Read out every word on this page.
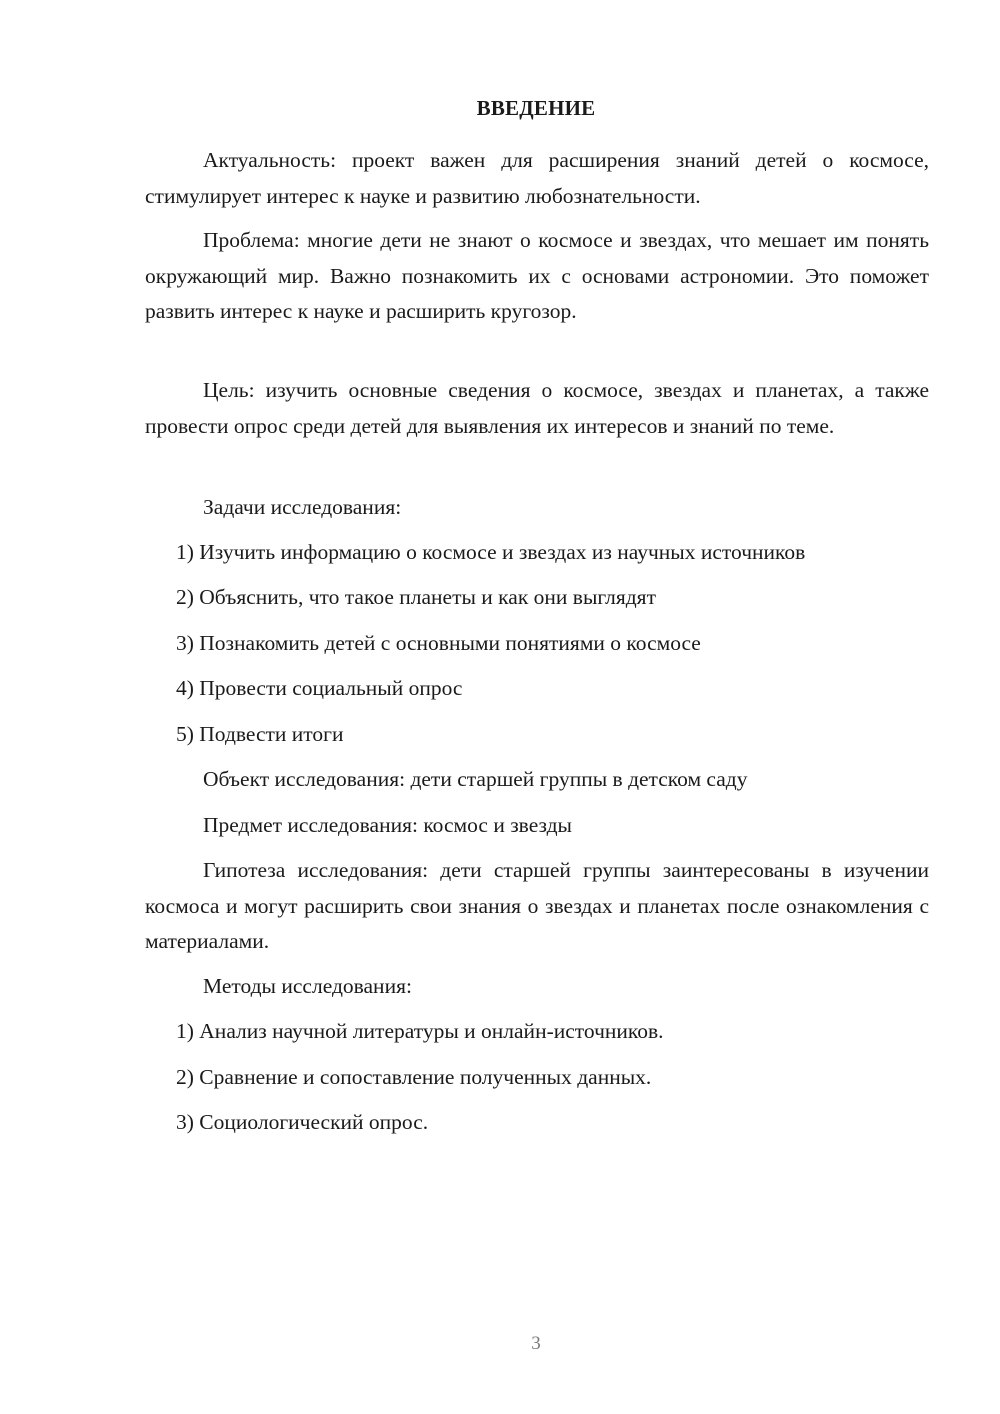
ВВЕДЕНИЕ

Актуальность: проект важен для расширения знаний детей о космосе, стимулирует интерес к науке и развитию любознательности.

Проблема: многие дети не знают о космосе и звездах, что мешает им понять окружающий мир. Важно познакомить их с основами астрономии. Это поможет развить интерес к науке и расширить кругозор.

Цель: изучить основные сведения о космосе, звездах и планетах, а также провести опрос среди детей для выявления их интересов и знаний по теме.

Задачи исследования:

1) Изучить информацию о космосе и звездах из научных источников

2) Объяснить, что такое планеты и как они выглядят

3) Познакомить детей с основными понятиями о космосе

4) Провести социальный опрос

5) Подвести итоги

Объект исследования: дети старшей группы в детском саду

Предмет исследования: космос и звезды

Гипотеза исследования: дети старшей группы заинтересованы в изучении космоса и могут расширить свои знания о звездах и планетах после ознакомления с материалами.

Методы исследования:

1) Анализ научной литературы и онлайн-источников.

2) Сравнение и сопоставление полученных данных.

3) Социологический опрос.

3
